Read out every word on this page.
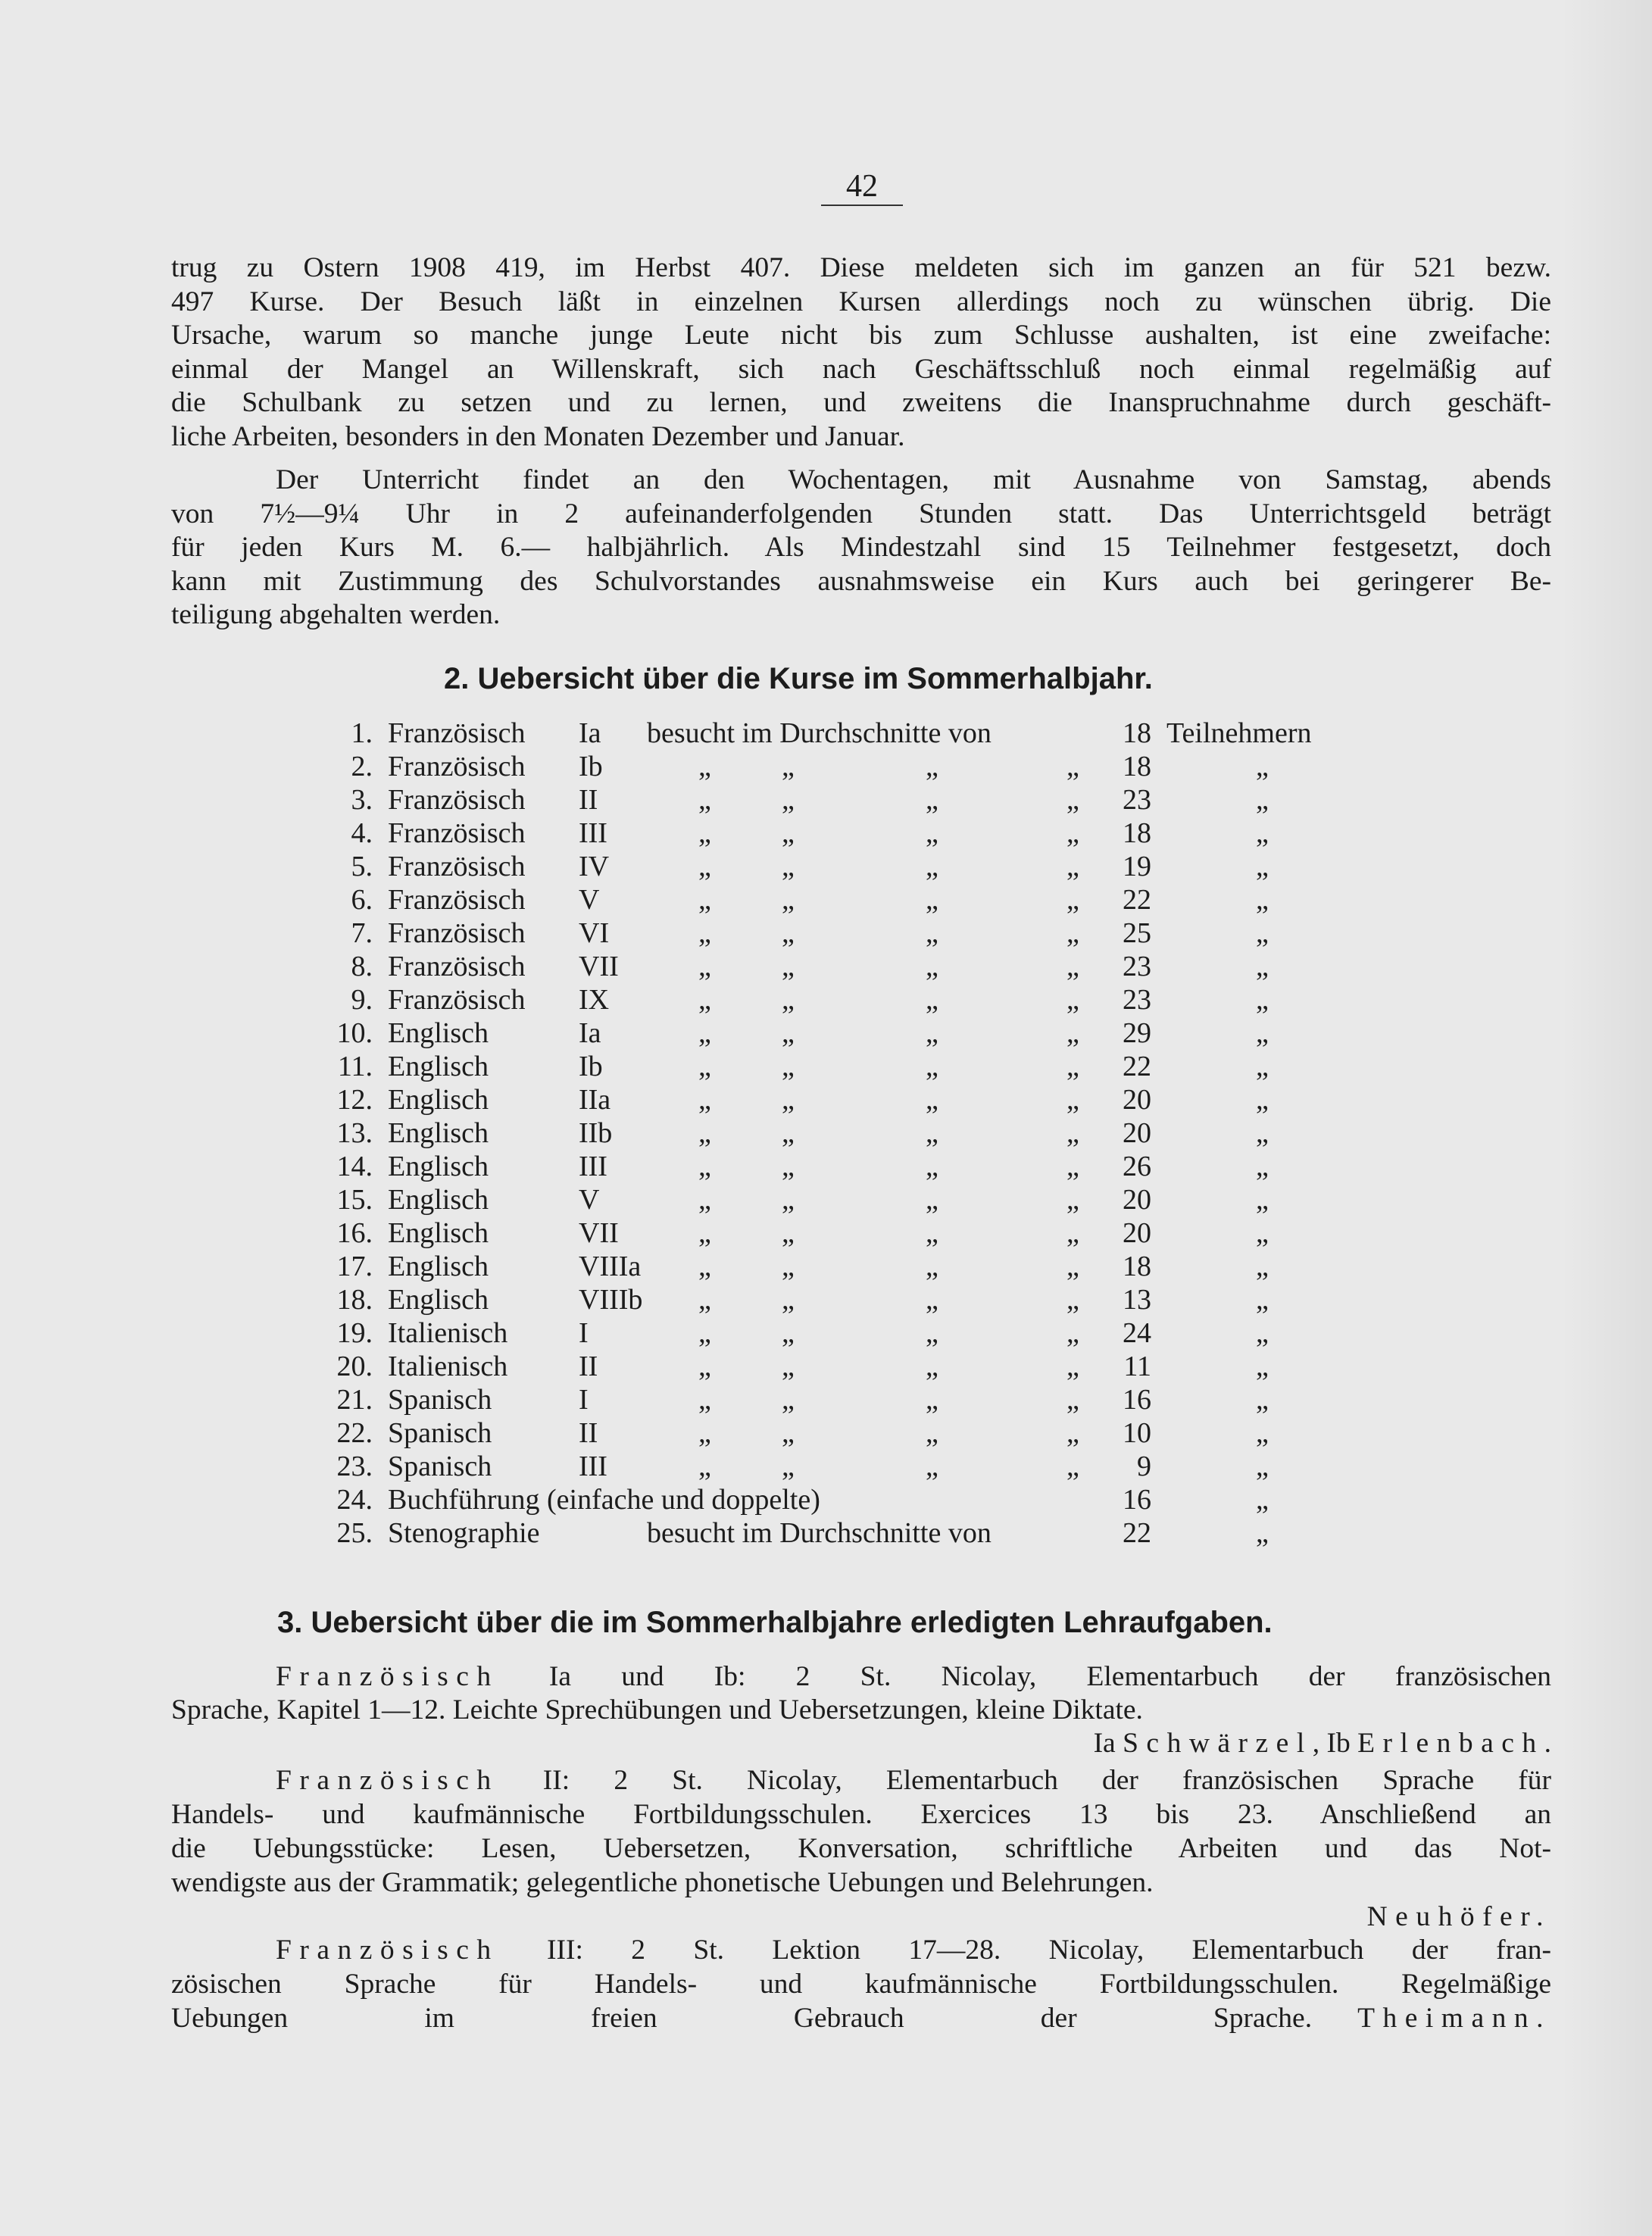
42
trug zu Ostern 1908 419, im Herbst 407. Diese meldeten sich im ganzen an für 521 bezw.
497 Kurse. Der Besuch läßt in einzelnen Kursen allerdings noch zu wünschen übrig. Die
Ursache, warum so manche junge Leute nicht bis zum Schlusse aushalten, ist eine zweifache:
einmal der Mangel an Willenskraft, sich nach Geschäftsschluß noch einmal regelmäßig auf
die Schulbank zu setzen und zu lernen, und zweitens die Inanspruchnahme durch geschäft-
liche Arbeiten, besonders in den Monaten Dezember und Januar.
Der Unterricht findet an den Wochentagen, mit Ausnahme von Samstag, abends
von 7½—9¼ Uhr in 2 aufeinanderfolgenden Stunden statt. Das Unterrichtsgeld beträgt
für jeden Kurs M. 6.— halbjährlich. Als Mindestzahl sind 15 Teilnehmer festgesetzt, doch
kann mit Zustimmung des Schulvorstandes ausnahmsweise ein Kurs auch bei geringerer Be-
teiligung abgehalten werden.
2. Uebersicht über die Kurse im Sommerhalbjahr.
1. Französisch Ia besucht im Durchschnitte von	18 Teilnehmern
2. Französisch Ib	„ „	„	„	18	„
3. Französisch II	„ „	„	„	23	„
4. Französisch III	„ „	„	„	18	„
5. Französisch IV	„ „	„	„	19	„
6. Französisch V	„ „	„	„	22	„
7. Französisch VI	„ „	„	„	25	„
8. Französisch VII	„ „	„	„	23	„
9. Französisch IX	„ „	„	„	23	„
10. Englisch	Ia	„ „	„	„	29	„
11. Englisch	Ib	„ „	„	„	22	„
12. Englisch	IIa	„ „	„	„	20	„
13. Englisch	IIb	„ „	„	„	20	„
14. Englisch	III	„ „	„	„	26	„
15. Englisch	V	„ „	„	„	20	„
16. Englisch	VII	„ „	„	„	20	„
17. Englisch	VIIIa „ „	„	„	18	„
18. Englisch	VIIIb „ „	„	„	13	„
19. Italienisch I	„ „	„	„	24	„
20. Italienisch II	„ „	„	„	11	„
21. Spanisch	I	„ „	„	„	16	„
22. Spanisch	II	„ „	„	„	10	„
23. Spanisch	III	„ „	„	„	9	„
24. Buchführung (einfache und doppelte)	16	„
25. Stenographie	besucht im Durchschnitte von	22	„
3. Uebersicht über die im Sommerhalbjahre erledigten Lehraufgaben.
Französisch Ia und Ib: 2 St. Nicolay, Elementarbuch der französischen
Sprache, Kapitel 1—12. Leichte Sprechübungen und Uebersetzungen, kleine Diktate.
Ia Schwärzel, Ib Erlenbach.
Französisch II: 2 St. Nicolay, Elementarbuch der französischen Sprache für
Handels- und kaufmännische Fortbildungsschulen. Exercices 13 bis 23. Anschließend an
die Uebungsstücke: Lesen, Uebersetzen, Konversation, schriftliche Arbeiten und das Not-
wendigste aus der Grammatik; gelegentliche phonetische Uebungen und Belehrungen.
Neuhöfer.
Französisch III: 2 St. Lektion 17—28. Nicolay, Elementarbuch der fran-
zösischen Sprache für Handels- und kaufmännische Fortbildungsschulen. Regelmäßige
Uebungen im freien Gebrauch der Sprache. Theimann.
